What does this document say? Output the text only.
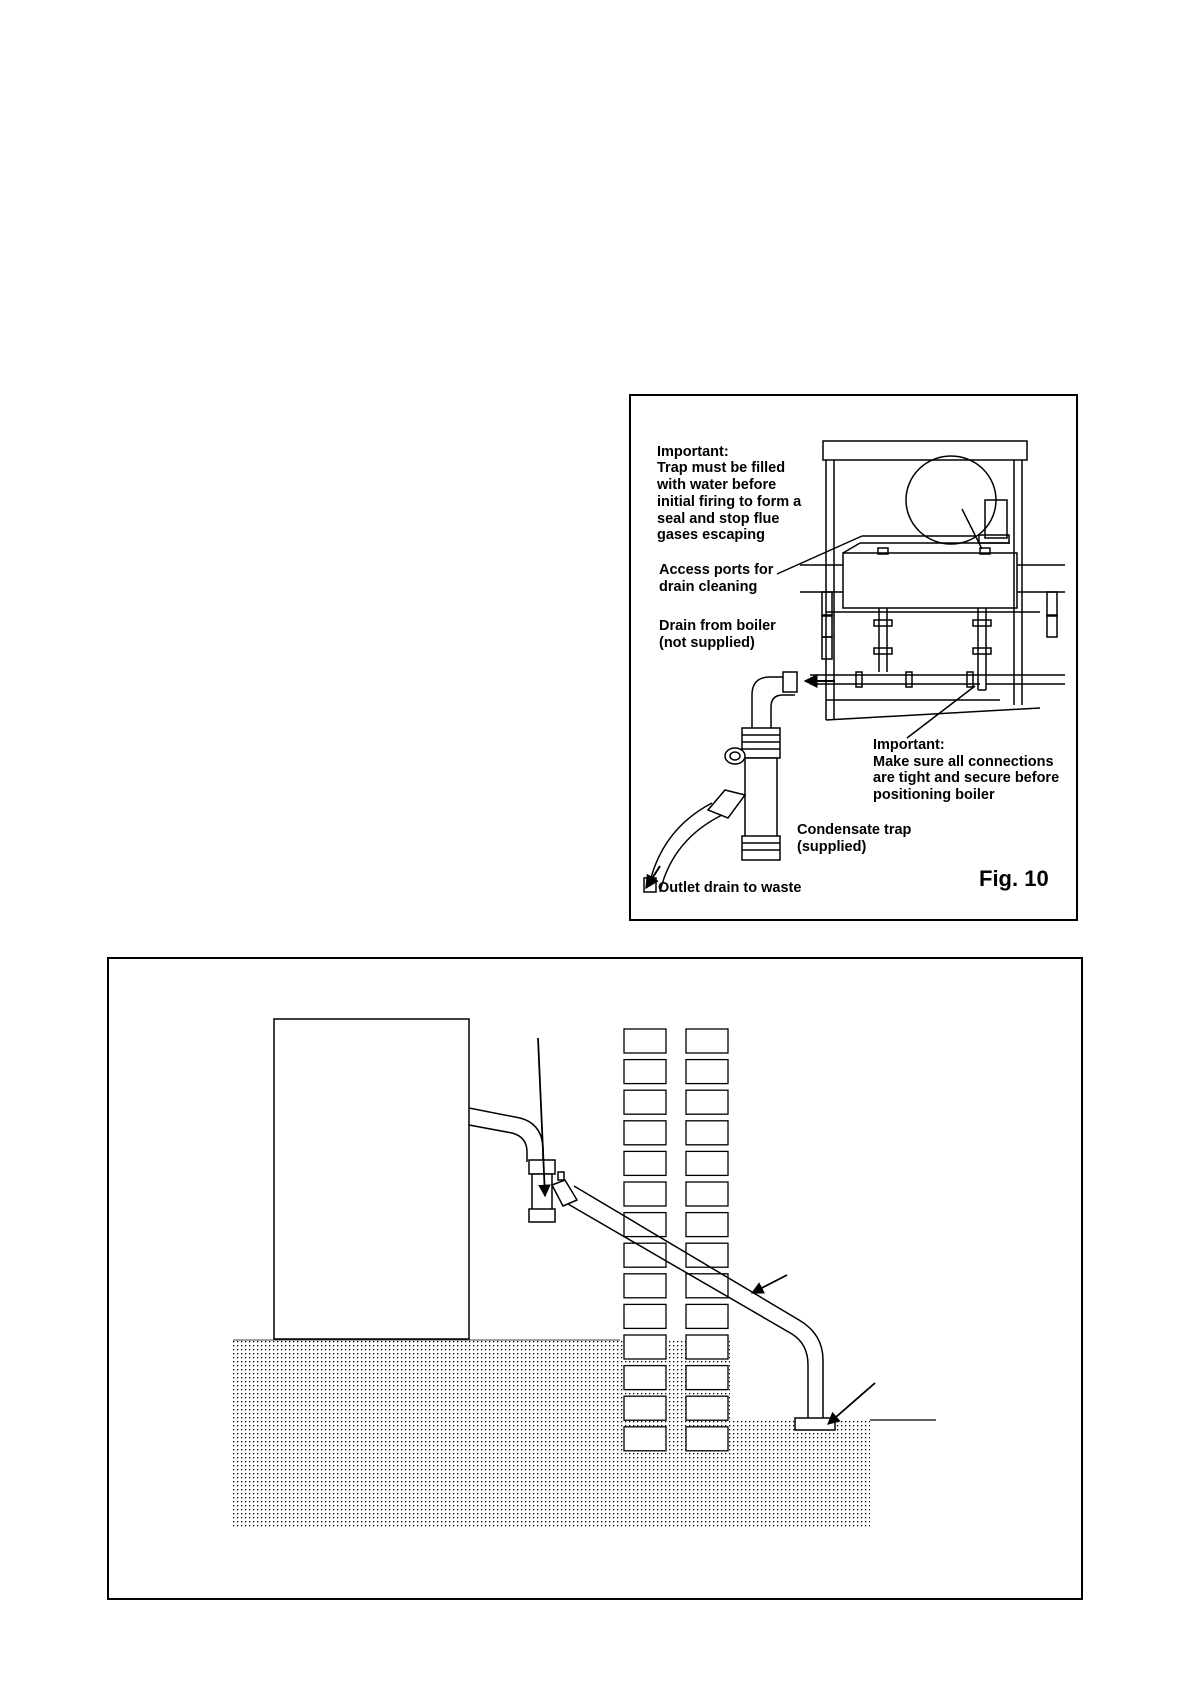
Important:
Trap must be filled
with water before
initial firing to form a
seal and stop flue
gases escaping
Access ports for
drain cleaning
Drain from boiler
(not supplied)
Important:
Make sure all connections
are tight and secure before
positioning boiler
Condensate trap
(supplied)
Outlet drain to waste	Fig. 10
